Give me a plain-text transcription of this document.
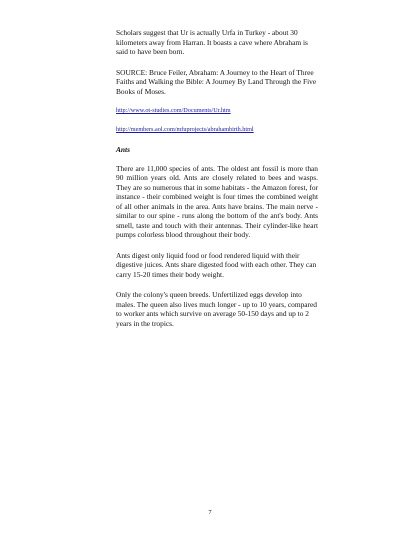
Scholars suggest that Ur is actually Urfa in Turkey - about 30 kilometers away from Harran. It boasts a cave where Abraham is said to have been born.

SOURCE: Bruce Feiler, Abraham: A Journey to the Heart of Three Faiths and Walking the Bible: A Journey By Land Through the Five Books of Moses.

http://www.ot-studies.com/Documents/Ur.htm
http://members.aol.com/mfuprojects/abrahambirth.html

Ants

There are 11,000 species of ants. The oldest ant fossil is more than 90 million years old. Ants are closely related to bees and wasps. They are so numerous that in some habitats - the Amazon forest, for instance - their combined weight is four times the combined weight of all other animals in the area. Ants have brains. The main nerve - similar to our spine - runs along the bottom of the ant's body. Ants smell, taste and touch with their antennas. Their cylinder-like heart pumps colorless blood throughout their body.

Ants digest only liquid food or food rendered liquid with their digestive juices. Ants share digested food with each other. They can carry 15-20 times their body weight.

Only the colony's queen breeds. Unfertilized eggs develop into males. The queen also lives much longer - up to 10 years, compared to worker ants which survive on average 50-150 days and up to 2 years in the tropics.

7
